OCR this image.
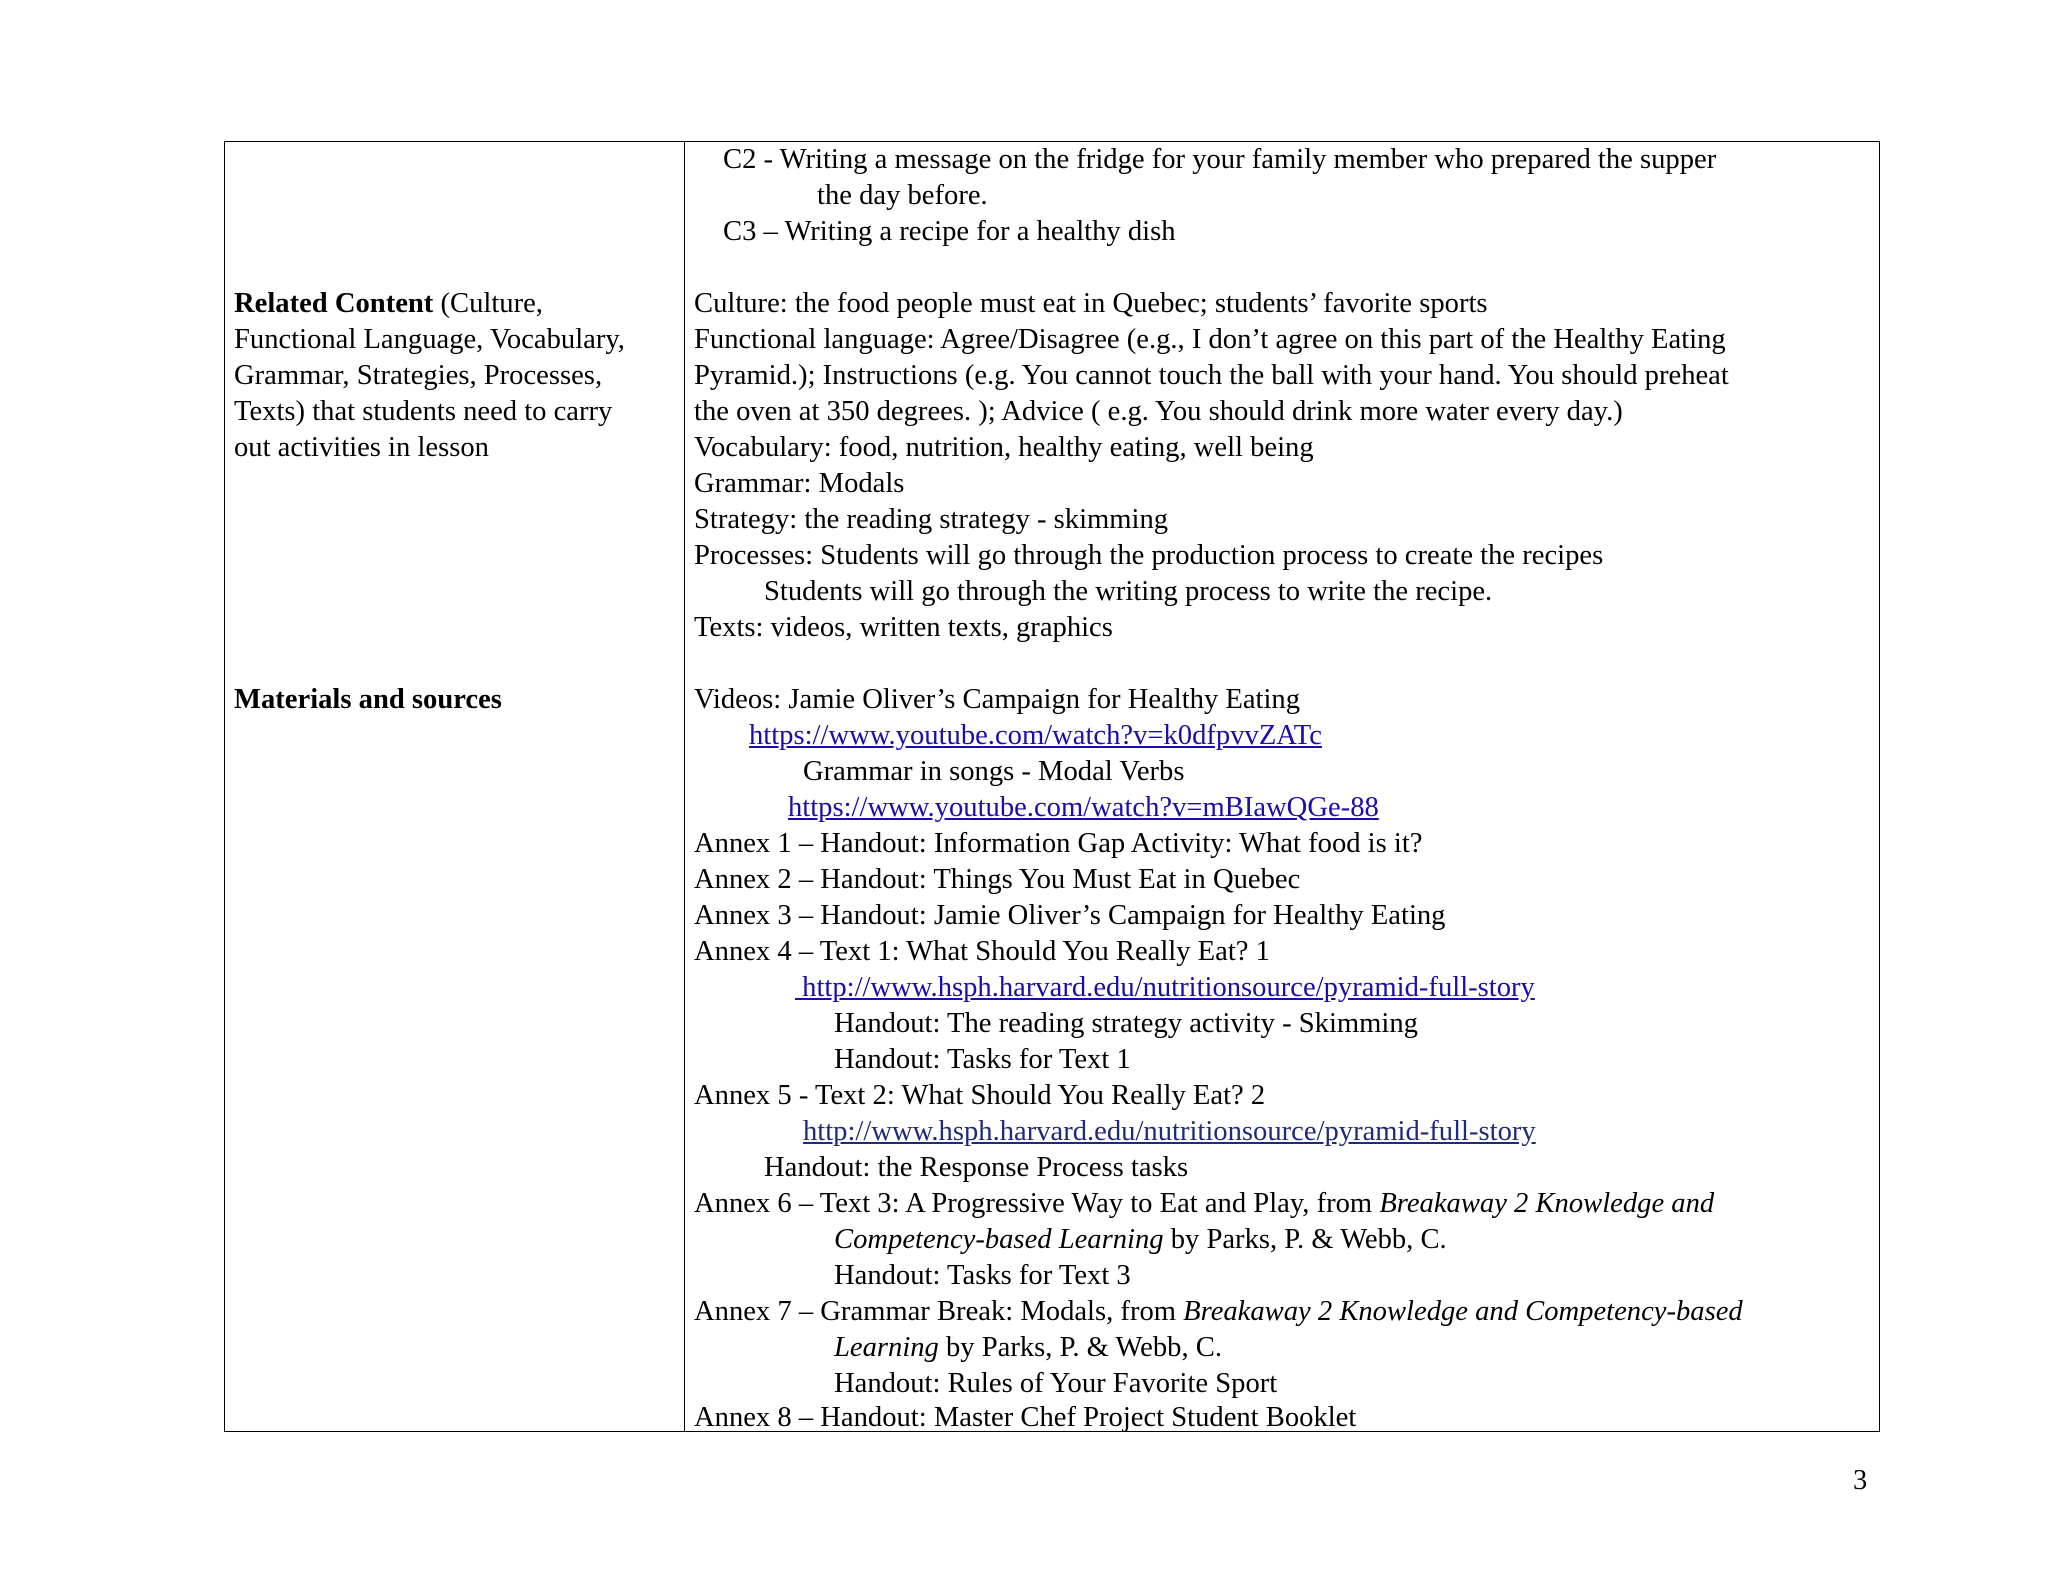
C2 - Writing a message on the fridge for your family member who prepared the supper
the day before.
C3 – Writing a recipe for a healthy dish
Related Content (Culture,
Functional Language, Vocabulary,
Grammar, Strategies, Processes,
Texts) that students need to carry
out activities in lesson
Culture: the food people must eat in Quebec; students’ favorite sports
Functional language: Agree/Disagree (e.g., I don’t agree on this part of the Healthy Eating
Pyramid.); Instructions (e.g. You cannot touch the ball with your hand. You should preheat
the oven at 350 degrees. ); Advice ( e.g. You should drink more water every day.)
Vocabulary: food, nutrition, healthy eating, well being
Grammar: Modals
Strategy: the reading strategy - skimming
Processes: Students will go through the production process to create the recipes
Students will go through the writing process to write the recipe.
Texts: videos, written texts, graphics
Materials and sources	Videos: Jamie Oliver’s Campaign for Healthy Eating
https://www.youtube.com/watch?v=k0dfpvvZATc
Grammar in songs - Modal Verbs
https://www.youtube.com/watch?v=mBIawQGe-88
Annex 1 – Handout: Information Gap Activity: What food is it?
Annex 2 – Handout: Things You Must Eat in Quebec
Annex 3 – Handout: Jamie Oliver’s Campaign for Healthy Eating
Annex 4 – Text 1: What Should You Really Eat? 1
http://www.hsph.harvard.edu/nutritionsource/pyramid-full-story
Handout: The reading strategy activity - Skimming
Handout: Tasks for Text 1
Annex 5 - Text 2: What Should You Really Eat? 2
http://www.hsph.harvard.edu/nutritionsource/pyramid-full-story
Handout: the Response Process tasks
Annex 6 – Text 3: A Progressive Way to Eat and Play, from Breakaway 2 Knowledge and
Competency-based Learning by Parks, P. & Webb, C.
Handout: Tasks for Text 3
Annex 7 – Grammar Break: Modals, from Breakaway 2 Knowledge and Competency-based
Learning by Parks, P. & Webb, C.
Handout: Rules of Your Favorite Sport
Annex 8 – Handout: Master Chef Project Student Booklet
3
